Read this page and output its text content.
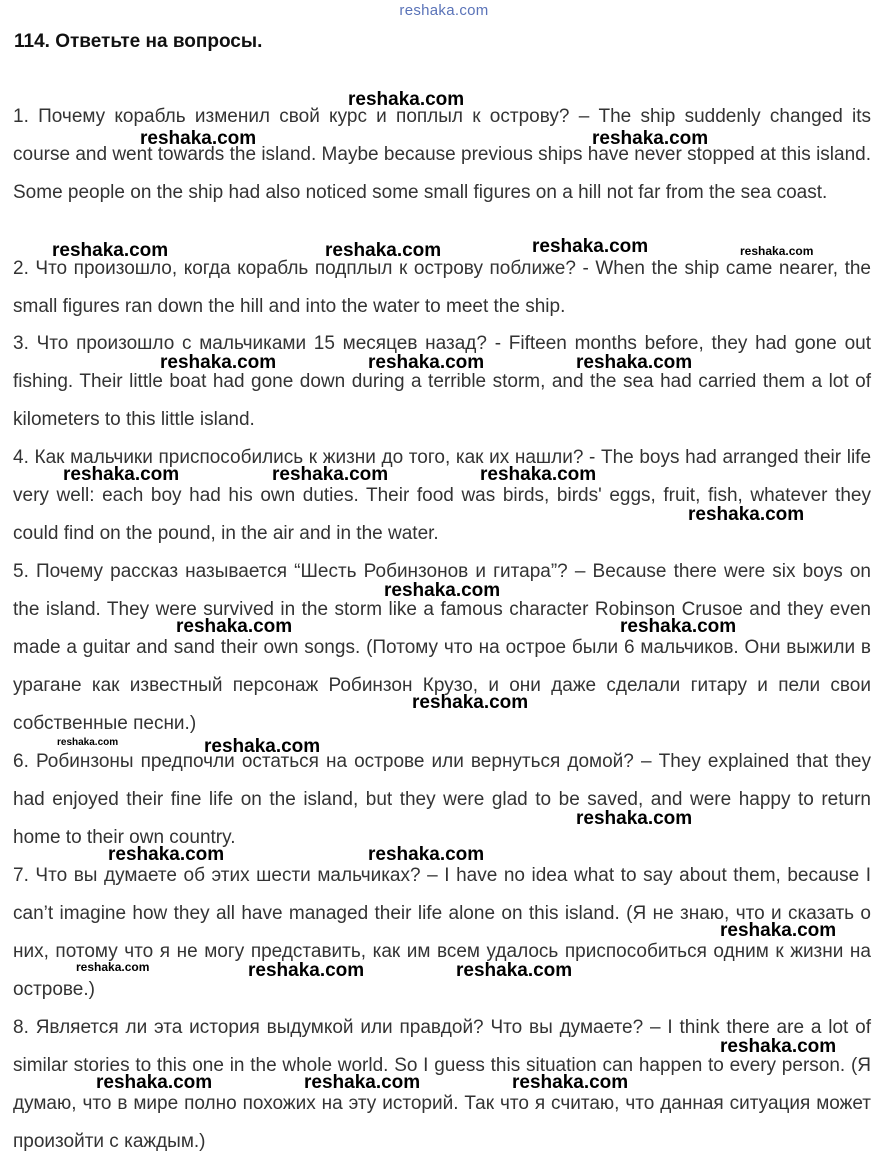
reshaka.com
114. Ответьте на вопросы.
1. Почему корабль изменил свой курс и поплыл к острову? – The ship suddenly changed its course and went towards the island. Maybe because previous ships have never stopped at this island. Some people on the ship had also noticed some small figures on a hill not far from the sea coast.
2. Что произошло, когда корабль подплыл к острову поближе? - When the ship came nearer, the small figures ran down the hill and into the water to meet the ship.
3. Что произошло с мальчиками 15 месяцев назад? - Fifteen months before, they had gone out fishing. Their little boat had gone down during a terrible storm, and the sea had carried them a lot of kilometers to this little island.
4. Как мальчики приспособились к жизни до того, как их нашли? - The boys had arranged their life very well: each boy had his own duties. Their food was birds, birds' eggs, fruit, fish, whatever they could find on the pound, in the air and in the water.
5. Почему рассказ называется “Шесть Робинзонов и гитара”? – Because there were six boys on the island. They were survived in the storm like a famous character Robinson Crusoe and they even made a guitar and sand their own songs. (Потому что на острое были 6 мальчиков. Они выжили в урагане как известный персонаж Робинзон Крузо, и они даже сделали гитару и пели свои собственные песни.)
6. Робинзоны предпочли остаться на острове или вернуться домой? – They explained that they had enjoyed their fine life on the island, but they were glad to be saved, and were happy to return home to their own country.
7. Что вы думаете об этих шести мальчиках? – I have no idea what to say about them, because I can’t imagine how they all have managed their life alone on this island. (Я не знаю, что и сказать о них, потому что я не могу представить, как им всем удалось приспособиться одним к жизни на острове.)
8. Является ли эта история выдумкой или правдой? Что вы думаете? – I think there are a lot of similar stories to this one in the whole world. So I guess this situation can happen to every person. (Я думаю, что в мире полно похожих на эту историй. Так что я считаю, что данная ситуация может произойти с каждым.)
reshaka.com
reshaka.com	reshaka.com
reshaka.com	reshaka.com	reshaka.com	reshaka.com
reshaka.com	reshaka.com	reshaka.com
reshaka.com	reshaka.com	reshaka.com
reshaka.com
reshaka.com
reshaka.com	reshaka.com
reshaka.com
reshaka.com	reshaka.com
reshaka.com
reshaka.com	reshaka.com
reshaka.com
reshaka.com	reshaka.com	reshaka.com
reshaka.com
reshaka.com	reshaka.com	reshaka.com
